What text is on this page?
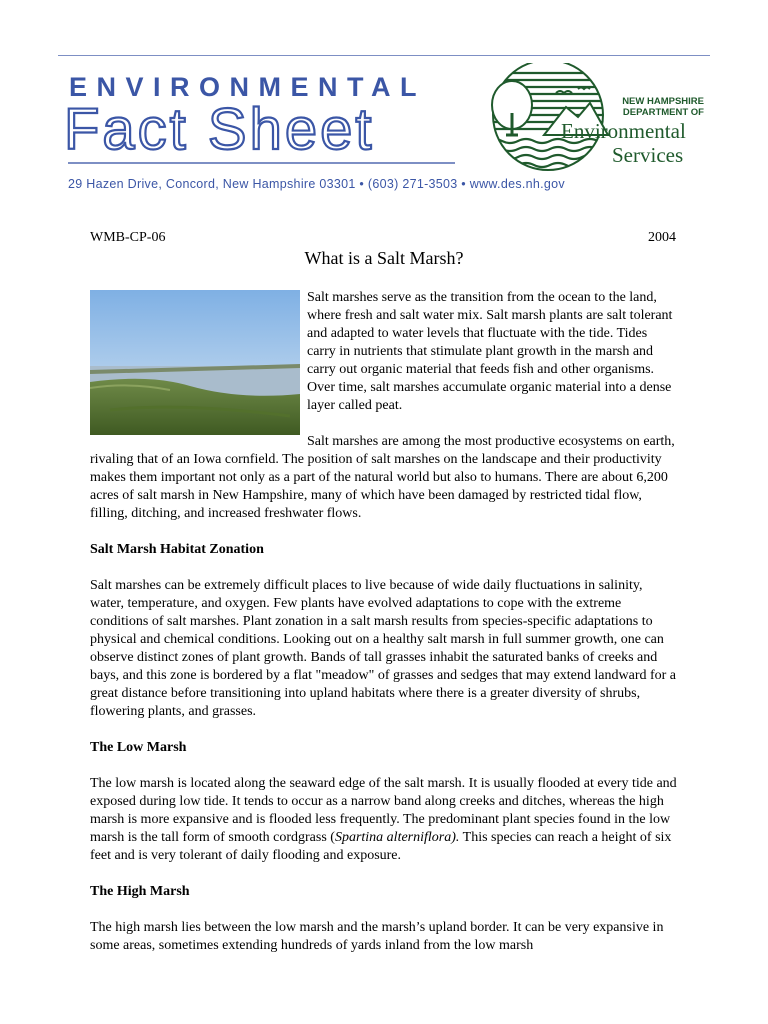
ENVIRONMENTAL
Fact Sheet
29 Hazen Drive, Concord, New Hampshire 03301 • (603) 271-3503 • www.des.nh.gov
NEW HAMPSHIRE
DEPARTMENT OF
Environmental
Services
WMB-CP-06	2004
What is a Salt Marsh?

Salt marshes serve as the transition from the ocean to the land, where fresh and salt water mix. Salt marsh plants are salt tolerant and adapted to water levels that fluctuate with the tide. Tides carry in nutrients that stimulate plant growth in the marsh and carry out organic material that feeds fish and other organisms. Over time, salt marshes accumulate organic material into a dense layer called peat.

Salt marshes are among the most productive ecosystems on earth, rivaling that of an Iowa cornfield. The position of salt marshes on the landscape and their productivity makes them important not only as a part of the natural world but also to humans. There are about 6,200 acres of salt marsh in New Hampshire, many of which have been damaged by restricted tidal flow, filling, ditching, and increased freshwater flows.

Salt Marsh Habitat Zonation

Salt marshes can be extremely difficult places to live because of wide daily fluctuations in salinity, water, temperature, and oxygen. Few plants have evolved adaptations to cope with the extreme conditions of salt marshes. Plant zonation in a salt marsh results from species-specific adaptations to physical and chemical conditions. Looking out on a healthy salt marsh in full summer growth, one can observe distinct zones of plant growth. Bands of tall grasses inhabit the saturated banks of creeks and bays, and this zone is bordered by a flat "meadow" of grasses and sedges that may extend landward for a great distance before transitioning into upland habitats where there is a greater diversity of shrubs, flowering plants, and grasses.

The Low Marsh

The low marsh is located along the seaward edge of the salt marsh. It is usually flooded at every tide and exposed during low tide. It tends to occur as a narrow band along creeks and ditches, whereas the high marsh is more expansive and is flooded less frequently. The predominant plant species found in the low marsh is the tall form of smooth cordgrass (Spartina alterniflora). This species can reach a height of six feet and is very tolerant of daily flooding and exposure.

The High Marsh

The high marsh lies between the low marsh and the marsh’s upland border. It can be very expansive in some areas, sometimes extending hundreds of yards inland from the low marsh
